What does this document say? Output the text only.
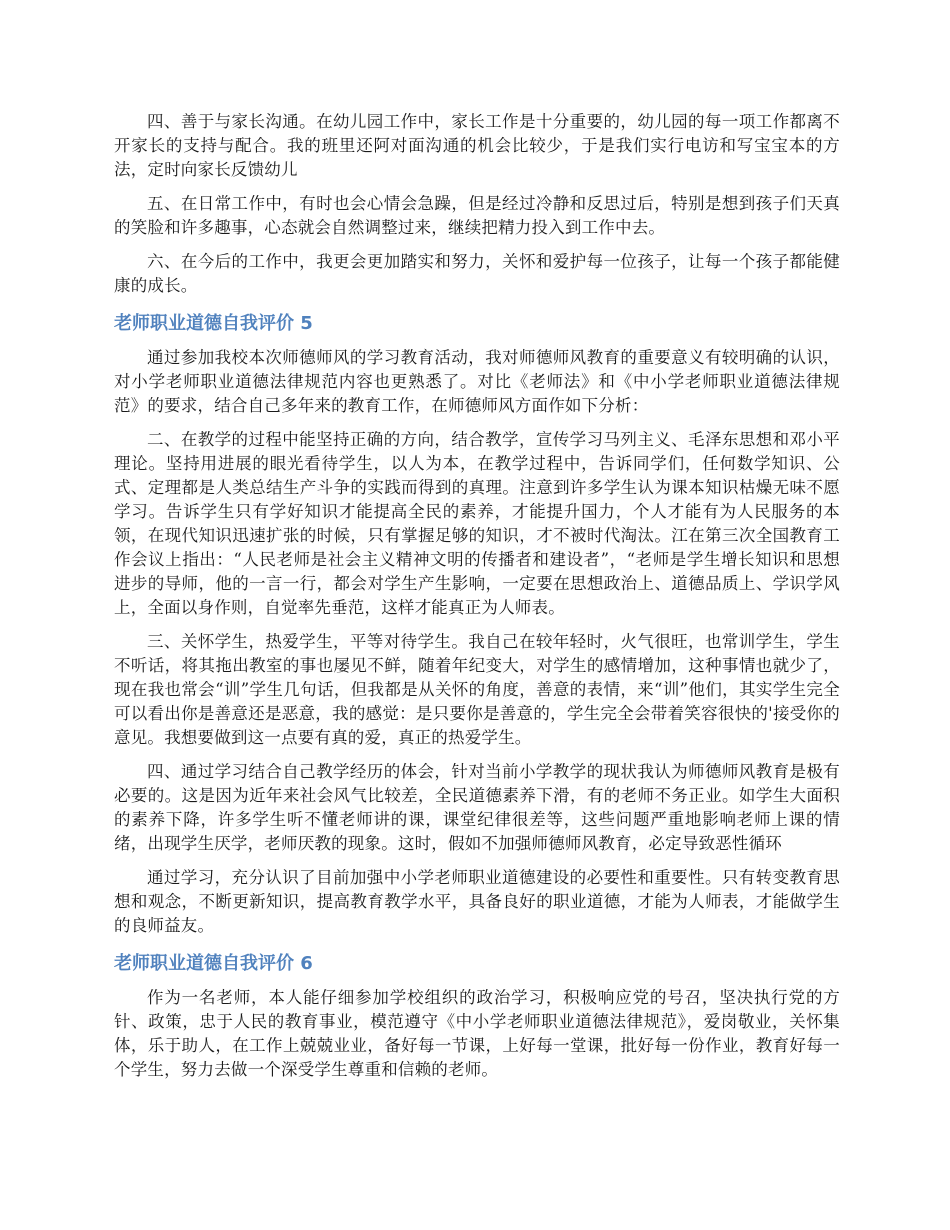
四、善于与家长沟通。在幼儿园工作中，家长工作是十分重要的，幼儿园的每一项工作都离不开家长的支持与配合。我的班里还阿对面沟通的机会比较少，于是我们实行电访和写宝宝本的方法，定时向家长反馈幼儿

五、在日常工作中，有时也会心情会急躁，但是经过冷静和反思过后，特别是想到孩子们天真的笑脸和许多趣事，心态就会自然调整过来，继续把精力投入到工作中去。

六、在今后的工作中，我更会更加踏实和努力，关怀和爱护每一位孩子，让每一个孩子都能健康的成长。

老师职业道德自我评价 5

通过参加我校本次师德师风的学习教育活动，我对师德师风教育的重要意义有较明确的认识，对小学老师职业道德法律规范内容也更熟悉了。对比《老师法》和《中小学老师职业道德法律规范》的要求，结合自己多年来的教育工作，在师德师风方面作如下分析：

二、在教学的过程中能坚持正确的方向，结合教学，宣传学习马列主义、毛泽东思想和邓小平理论。坚持用进展的眼光看待学生，以人为本，在教学过程中，告诉同学们，任何数学知识、公式、定理都是人类总结生产斗争的实践而得到的真理。注意到许多学生认为课本知识枯燥无味不愿学习。告诉学生只有学好知识才能提高全民的素养，才能提升国力，个人才能有为人民服务的本领，在现代知识迅速扩张的时候，只有掌握足够的知识，才不被时代淘汰。江在第三次全国教育工作会议上指出：“人民老师是社会主义精神文明的传播者和建设者”，“老师是学生增长知识和思想进步的导师，他的一言一行，都会对学生产生影响，一定要在思想政治上、道德品质上、学识学风上，全面以身作则，自觉率先垂范，这样才能真正为人师表。

三、关怀学生，热爱学生，平等对待学生。我自己在较年轻时，火气很旺，也常训学生，学生不听话，将其拖出教室的事也屡见不鲜，随着年纪变大，对学生的感情增加，这种事情也就少了，现在我也常会“训”学生几句话，但我都是从关怀的角度，善意的表情，来“训”他们，其实学生完全可以看出你是善意还是恶意，我的感觉：是只要你是善意的，学生完全会带着笑容很快的'接受你的意见。我想要做到这一点要有真的爱，真正的热爱学生。

四、通过学习结合自己教学经历的体会，针对当前小学教学的现状我认为师德师风教育是极有必要的。这是因为近年来社会风气比较差，全民道德素养下滑，有的老师不务正业。如学生大面积的素养下降，许多学生听不懂老师讲的课，课堂纪律很差等，这些问题严重地影响老师上课的情绪，出现学生厌学，老师厌教的现象。这时，假如不加强师德师风教育，必定导致恶性循环

通过学习，充分认识了目前加强中小学老师职业道德建设的必要性和重要性。只有转变教育思想和观念，不断更新知识，提高教育教学水平，具备良好的职业道德，才能为人师表，才能做学生的良师益友。

老师职业道德自我评价 6

作为一名老师，本人能仔细参加学校组织的政治学习，积极响应党的号召，坚决执行党的方针、政策，忠于人民的教育事业，模范遵守《中小学老师职业道德法律规范》，爱岗敬业，关怀集体，乐于助人，在工作上兢兢业业，备好每一节课，上好每一堂课，批好每一份作业，教育好每一个学生，努力去做一个深受学生尊重和信赖的老师。
